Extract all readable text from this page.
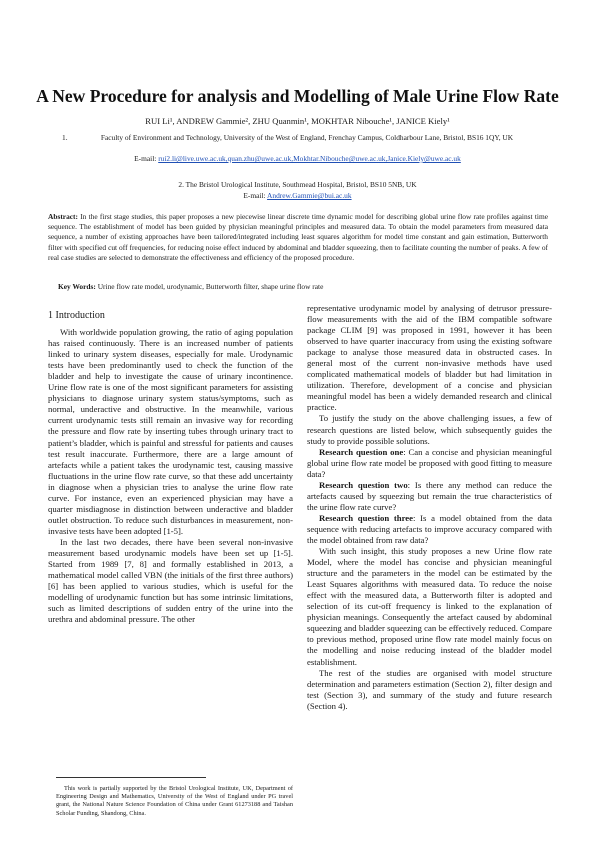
A New Procedure for analysis and Modelling of Male Urine Flow Rate
RUI Li¹, ANDREW Gammie², ZHU Quanmin¹, MOKHTAR Nibouche¹, JANICE Kiely¹
1.	Faculty of Environment and Technology, University of the West of England, Frenchay Campus, Coldharbour Lane, Bristol, BS16 1QY, UK
E-mail: rui2.li@live.uwe.ac.uk,quan.zhu@uwe.ac.uk,Mokhtar.Nibouche@uwe.ac.uk,Janice.Kiely@uwe.ac.uk
2. The Bristol Urological Institute, Southmead Hospital, Bristol, BS10 5NB, UK
E-mail: Andrew.Gammie@bui.ac.uk
Abstract: In the first stage studies, this paper proposes a new piecewise linear discrete time dynamic model for describing global urine flow rate profiles against time sequence. The establishment of model has been guided by physician meaningful principles and measured data. To obtain the model parameters from measured data sequence, a number of existing approaches have been tailored/integrated including least squares algorithm for model time constant and gain estimation, Butterworth filter with specified cut off frequencies, for reducing noise effect induced by abdominal and bladder squeezing, then to facilitate counting the number of peaks. A few of real case studies are selected to demonstrate the effectiveness and efficiency of the proposed procedure.
Key Words: Urine flow rate model, urodynamic, Butterworth filter, shape urine flow rate
1 Introduction

With worldwide population growing, the ratio of aging population has raised continuously. There is an increased number of patients linked to urinary system diseases, especially for male. Urodynamic tests have been predominantly used to check the function of the bladder and help to investigate the cause of urinary incontinence. Urine flow rate is one of the most significant parameters for assisting physicians to diagnose urinary system status/symptoms, such as normal, underactive and obstructive. In the meanwhile, various current urodynamic tests still remain an invasive way for recording the pressure and flow rate by inserting tubes through urinary tract to patient’s bladder, which is painful and stressful for patients and causes test result inaccurate. Furthermore, there are a large amount of artefacts while a patient takes the urodynamic test, causing massive fluctuations in the urine flow rate curve, so that these add uncertainty in diagnose when a physician tries to analyse the urine flow rate curve. For instance, even an experienced physician may have a quarter misdiagnose in distinction between underactive and bladder outlet obstruction. To reduce such disturbances in measurement, non-invasive tests have been adopted [1-5].

In the last two decades, there have been several non-invasive measurement based urodynamic models have been set up [1-5]. Started from 1989 [7, 8] and formally established in 2013, a mathematical model called VBN (the initials of the first three authors) [6] has been applied to various studies, which is useful for the modelling of urodynamic function but has some intrinsic limitations, such as limited descriptions of sudden entry of the urine into the urethra and abdominal pressure. The other

representative urodynamic model by analysing of detrusor pressure-flow measurements with the aid of the IBM compatible software package CLIM [9] was proposed in 1991, however it has been observed to have quarter inaccuracy from using the existing software package to analyse those measured data in obstructed cases. In general most of the current non-invasive methods have used complicated mathematical models of bladder but had limitation in utilization. Therefore, development of a concise and physician meaningful model has been a widely demanded research and clinical practice.

To justify the study on the above challenging issues, a few of research questions are listed below, which subsequently guides the study to provide possible solutions.

Research question one: Can a concise and physician meaningful global urine flow rate model be proposed with good fitting to measure data?

Research question two: Is there any method can reduce the artefacts caused by squeezing but remain the true characteristics of the urine flow rate curve?

Research question three: Is a model obtained from the data sequence with reducing artefacts to improve accuracy compared with the model obtained from raw data?

With such insight, this study proposes a new Urine flow rate Model, where the model has concise and physician meaningful structure and the parameters in the model can be estimated by the Least Squares algorithms with measured data. To reduce the noise effect with the measured data, a Butterworth filter is adopted and selection of its cut-off frequency is linked to the explanation of physician meanings. Consequently the artefact caused by abdominal squeezing and bladder squeezing can be effectively reduced. Compare to previous method, proposed urine flow rate model mainly focus on the modelling and noise reducing instead of the bladder model establishment.

The rest of the studies are organised with model structure determination and parameters estimation (Section 2), filter design and test (Section 3), and summary of the study and future research (Section 4).

This work is partially supported by the Bristol Urological Institute, UK, Department of Engineering Design and Mathematics, University of the West of England under PG travel grant, the National Nature Science Foundation of China under Grant 61273188 and Taishan Scholar Funding, Shandong, China.
